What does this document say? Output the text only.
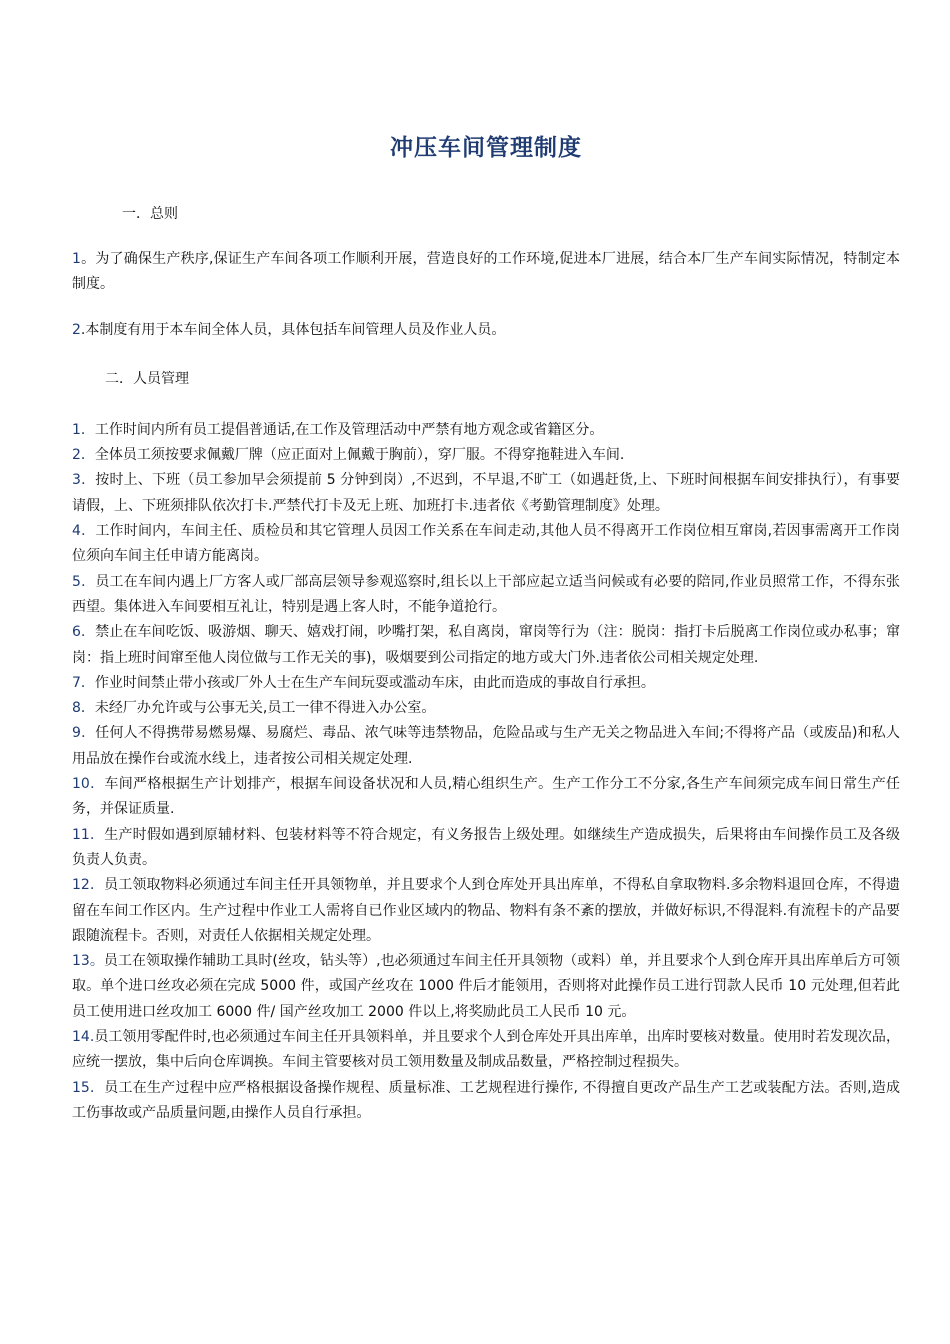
冲压车间管理制度

一．总则

1。为了确保生产秩序,保证生产车间各项工作顺利开展，营造良好的工作环境,促进本厂进展，结合本厂生产车间实际情况，特制定本制度。

2.本制度有用于本车间全体人员，具体包括车间管理人员及作业人员。

二．人员管理

1．工作时间内所有员工提倡普通话,在工作及管理活动中严禁有地方观念或省籍区分。

2．全体员工须按要求佩戴厂牌（应正面对上佩戴于胸前），穿厂服。不得穿拖鞋进入车间.

3．按时上、下班（员工参加早会须提前 5 分钟到岗）,不迟到，不早退,不旷工（如遇赶货,上、下班时间根据车间安排执行），有事要请假，上、下班须排队依次打卡.严禁代打卡及无上班、加班打卡.违者依《考勤管理制度》处理。

4．工作时间内，车间主任、质检员和其它管理人员因工作关系在车间走动,其他人员不得离开工作岗位相互窜岗,若因事需离开工作岗位须向车间主任申请方能离岗。

5．员工在车间内遇上厂方客人或厂部高层领导参观巡察时,组长以上干部应起立适当问候或有必要的陪同,作业员照常工作，不得东张西望。集体进入车间要相互礼让，特别是遇上客人时，不能争道抢行。

6．禁止在车间吃饭、吸游烟、聊天、嬉戏打闹，吵嘴打架，私自离岗，窜岗等行为（注：脱岗：指打卡后脱离工作岗位或办私事；窜岗：指上班时间窜至他人岗位做与工作无关的事)，吸烟要到公司指定的地方或大门外.违者依公司相关规定处理.

7．作业时间禁止带小孩或厂外人士在生产车间玩耍或滥动车床，由此而造成的事故自行承担。

8．未经厂办允许或与公事无关,员工一律不得进入办公室。

9．任何人不得携带易燃易爆、易腐烂、毒品、浓气味等违禁物品，危险品或与生产无关之物品进入车间;不得将产品（或废品)和私人用品放在操作台或流水线上，违者按公司相关规定处理.

10．车间严格根据生产计划排产，根据车间设备状况和人员,精心组织生产。生产工作分工不分家,各生产车间须完成车间日常生产任务，并保证质量.

11．生产时假如遇到原辅材料、包装材料等不符合规定，有义务报告上级处理。如继续生产造成损失，后果将由车间操作员工及各级负责人负责。

12．员工领取物料必须通过车间主任开具领物单，并且要求个人到仓库处开具出库单，不得私自拿取物料.多余物料退回仓库，不得遗留在车间工作区内。生产过程中作业工人需将自已作业区域内的物品、物料有条不紊的摆放，并做好标识,不得混料.有流程卡的产品要跟随流程卡。否则，对责任人依据相关规定处理。

13。员工在领取操作辅助工具时(丝攻，钻头等）,也必须通过车间主任开具领物（或料）单，并且要求个人到仓库开具出库单后方可领取。单个进口丝攻必须在完成 5000 件，或国产丝攻在 1000 件后才能领用，否则将对此操作员工进行罚款人民币 10 元处理,但若此员工使用进口丝攻加工 6000 件/ 国产丝攻加工 2000 件以上,将奖励此员工人民币 10 元。

14.员工领用零配件时,也必须通过车间主任开具领料单，并且要求个人到仓库处开具出库单，出库时要核对数量。使用时若发现次品，应统一摆放，集中后向仓库调换。车间主管要核对员工领用数量及制成品数量，严格控制过程损失。

15．员工在生产过程中应严格根据设备操作规程、质量标准、工艺规程进行操作, 不得擅自更改产品生产工艺或装配方法。否则,造成工伤事故或产品质量问题,由操作人员自行承担。
